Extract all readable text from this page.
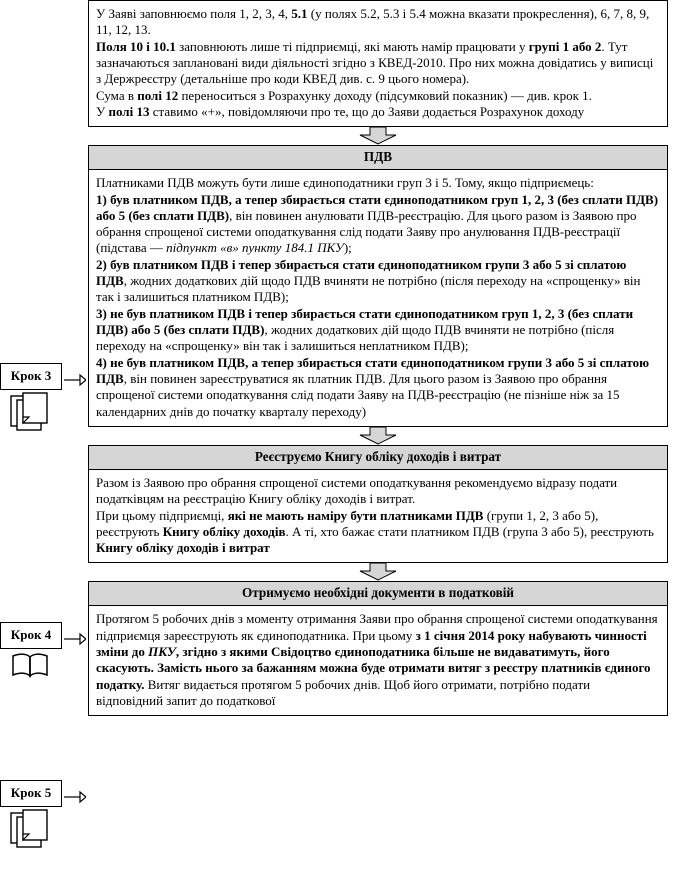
У Заяві заповнюємо поля 1, 2, 3, 4, 5.1 (у полях 5.2, 5.3 і 5.4 можна вказати прокреслення), 6, 7, 8, 9, 11, 12, 13.
Поля 10 і 10.1 заповнюють лише ті підприємці, які мають намір працювати у групі 1 або 2. Тут зазначаються заплановані види діяльності згідно з КВЕД-2010. Про них можна довідатись у виписці з Держреєстру (детальніше про коди КВЕД див. с. 9 цього номера).
Сума в полі 12 переноситься з Розрахунку доходу (підсумковий показник) — див. крок 1.
У полі 13 ставимо «+», повідомляючи про те, що до Заяви додається Розрахунок доходу
ПДВ
Платниками ПДВ можуть бути лише єдиноподатники груп 3 і 5. Тому, якщо підприємець:
1) був платником ПДВ, а тепер збирається стати єдиноподатником груп 1, 2, 3 (без сплати ПДВ) або 5 (без сплати ПДВ), він повинен анулювати ПДВ-реєстрацію. Для цього разом із Заявою про обрання спрощеної системи оподаткування слід подати Заяву про анулювання ПДВ-реєстрації (підстава — підпункт «в» пункту 184.1 ПКУ);
2) був платником ПДВ і тепер збирається стати єдиноподатником групи 3 або 5 зі сплатою ПДВ, жодних додаткових дій щодо ПДВ вчиняти не потрібно (після переходу на «спрощенку» він так і залишиться платником ПДВ);
3) не був платником ПДВ і тепер збирається стати єдиноподатником груп 1, 2, 3 (без сплати ПДВ) або 5 (без сплати ПДВ), жодних додаткових дій щодо ПДВ вчиняти не потрібно (після переходу на «спрощенку» він так і залишиться неплатником ПДВ);
4) не був платником ПДВ, а тепер збирається стати єдиноподатником групи 3 або 5 зі сплатою ПДВ, він повинен зареєструватися як платник ПДВ. Для цього разом із Заявою про обрання спрощеної системи оподаткування слід подати Заяву на ПДВ-реєстрацію (не пізніше ніж за 15 календарних днів до початку кварталу переходу)
Реєструємо Книгу обліку доходів і витрат
Разом із Заявою про обрання спрощеної системи оподаткування рекомендуємо відразу подати податківцям на реєстрацію Книгу обліку доходів і витрат.
При цьому підприємці, які не мають наміру бути платниками ПДВ (групи 1, 2, 3 або 5), реєструють Книгу обліку доходів. А ті, хто бажає стати платником ПДВ (група 3 або 5), реєструють Книгу обліку доходів і витрат
Отримуємо необхідні документи в податковій
Протягом 5 робочих днів з моменту отримання Заяви про обрання спрощеної системи оподаткування підприємця зареєструють як єдиноподатника. При цьому з 1 січня 2014 року набувають чинності зміни до ПКУ, згідно з якими Свідоцтво єдиноподатника більше не видаватимуть, його скасують. Замість нього за бажанням можна буде отримати витяг з реєстру платників єдиного податку. Витяг видається протягом 5 робочих днів. Щоб його отримати, потрібно подати відповідний запит до податкової
Крок 3
Крок 4
Крок 5
